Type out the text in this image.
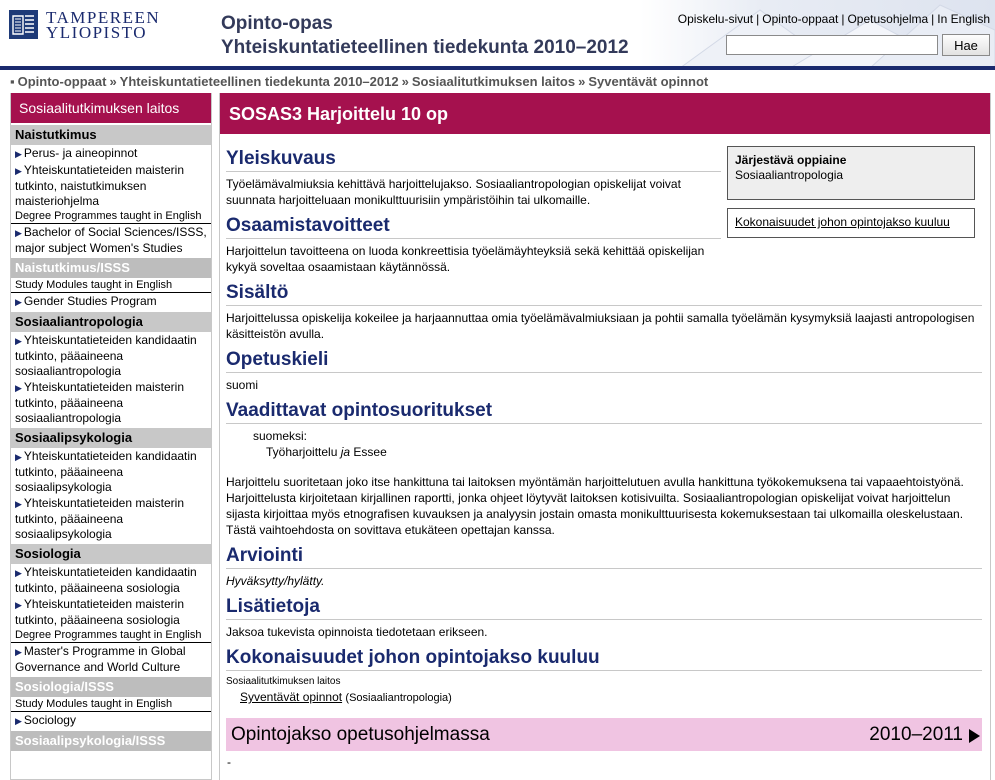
TAMPEREEN
YLIOPISTO	Opinto-opas
Yhteiskuntatieteellinen tiedekunta 2010–2012
Opiskelu-sivut | Opinto-oppaat | Opetusohjelma | In English
Hae
▪ Opinto-oppaat » Yhteiskuntatieteellinen tiedekunta 2010–2012 » Sosiaalitutkimuksen laitos » Syventävät opinnot
Sosiaalitutkimuksen laitos
Naistutkimus
▶ Perus- ja aineopinnot
▶ Yhteiskuntatieteiden maisterin tutkinto, naistutkimuksen maisteriohjelma
Degree Programmes taught in English
▶ Bachelor of Social Sciences/ISSS, major subject Women's Studies
Naistutkimus/ISSS
Study Modules taught in English
▶ Gender Studies Program
Sosiaaliantropologia
▶ Yhteiskuntatieteiden kandidaatin tutkinto, pääaineena sosiaaliantropologia
▶ Yhteiskuntatieteiden maisterin tutkinto, pääaineena sosiaaliantropologia
Sosiaalipsykologia
▶ Yhteiskuntatieteiden kandidaatin tutkinto, pääaineena sosiaalipsykologia
▶ Yhteiskuntatieteiden maisterin tutkinto, pääaineena sosiaalipsykologia
Sosiologia
▶ Yhteiskuntatieteiden kandidaatin tutkinto, pääaineena sosiologia
▶ Yhteiskuntatieteiden maisterin tutkinto, pääaineena sosiologia
Degree Programmes taught in English
▶ Master's Programme in Global Governance and World Culture
Sosiologia/ISSS
Study Modules taught in English
▶ Sociology
Sosiaalipsykologia/ISSS
SOSAS3 Harjoittelu 10 op
Järjestävä oppiaine
Sosiaaliantropologia
Kokonaisuudet johon opintojakso kuuluu
Yleiskuvaus
Työelämävalmiuksia kehittävä harjoittelujakso. Sosiaaliantropologian opiskelijat voivat suunnata harjoitteluaan monikulttuurisiin ympäristöihin tai ulkomaille.
Osaamistavoitteet
Harjoittelun tavoitteena on luoda konkreettisia työelämäyhteyksiä sekä kehittää opiskelijan kykyä soveltaa osaamistaan käytännössä.
Sisältö
Harjoittelussa opiskelija kokeilee ja harjaannuttaa omia työelämävalmiuksiaan ja pohtii samalla työelämän kysymyksiä laajasti antropologisen käsitteistön avulla.
Opetuskieli
suomi
Vaadittavat opintosuoritukset
suomeksi:
Työharjoittelu ja Essee
Harjoittelu suoritetaan joko itse hankittuna tai laitoksen myöntämän harjoittelutuen avulla hankittuna työkokemuksena tai vapaaehtoistyönä. Harjoittelusta kirjoitetaan kirjallinen raportti, jonka ohjeet löytyvät laitoksen kotisivuilta. Sosiaaliantropologian opiskelijat voivat harjoittelun sijasta kirjoittaa myös etnografisen kuvauksen ja analyysin jostain omasta monikulttuurisesta kokemuksestaan tai ulkomailla oleskelustaan. Tästä vaihtoehdosta on sovittava etukäteen opettajan kanssa.
Arviointi
Hyväksytty/hylätty.
Lisätietoja
Jaksoa tukevista opinnoista tiedotetaan erikseen.
Kokonaisuudet johon opintojakso kuuluu
Sosiaalitutkimuksen laitos
Syventävät opinnot (Sosiaaliantropologia)
Opintojakso opetusohjelmassa	2010–2011
-
